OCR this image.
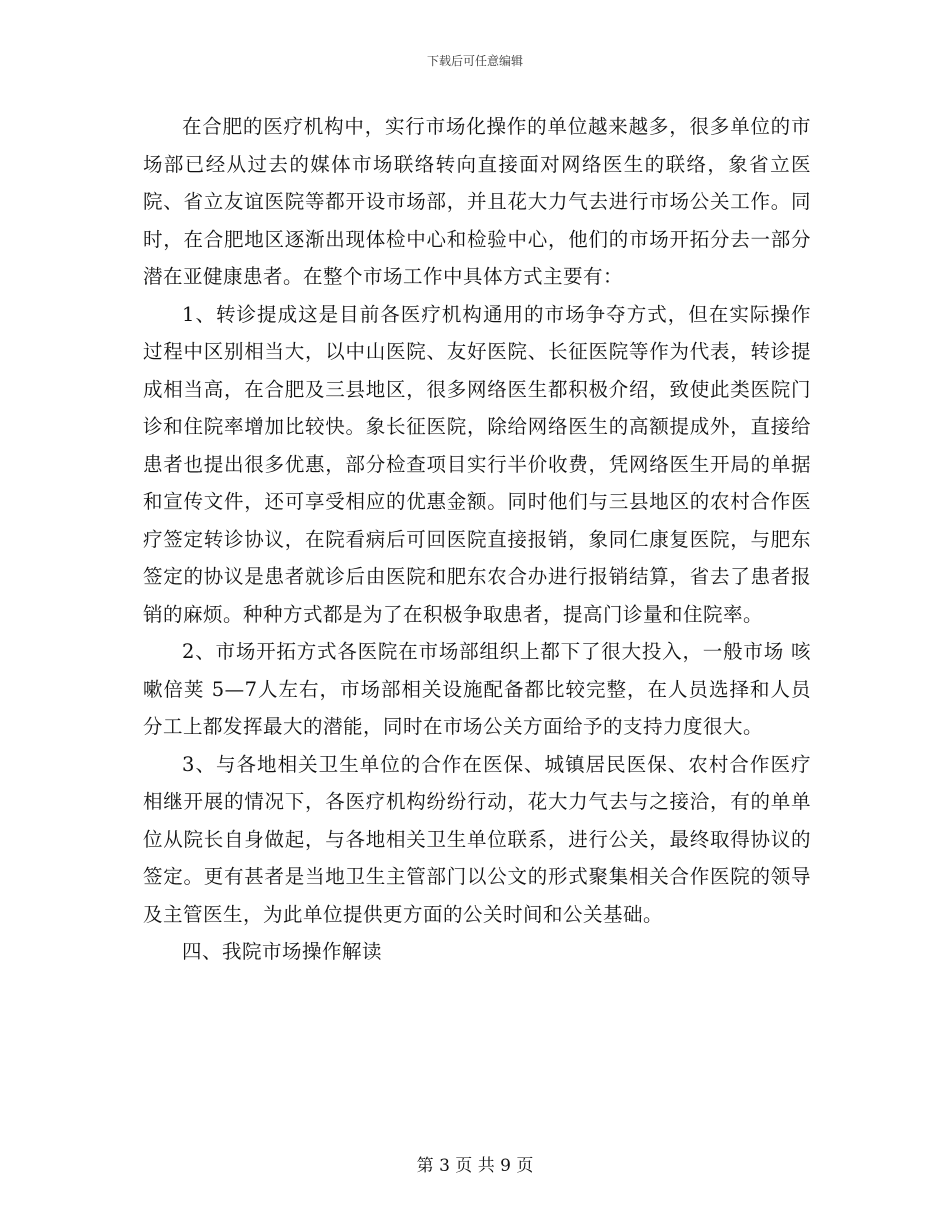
下载后可任意编辑

在合肥的医疗机构中，实行市场化操作的单位越来越多，很多单位的市场部已经从过去的媒体市场联络转向直接面对网络医生的联络，象省立医院、省立友谊医院等都开设市场部，并且花大力气去进行市场公关工作。同时，在合肥地区逐渐出现体检中心和检验中心，他们的市场开拓分去一部分潜在亚健康患者。在整个市场工作中具体方式主要有：

1、转诊提成这是目前各医疗机构通用的市场争夺方式，但在实际操作过程中区别相当大，以中山医院、友好医院、长征医院等作为代表，转诊提成相当高，在合肥及三县地区，很多网络医生都积极介绍，致使此类医院门诊和住院率增加比较快。象长征医院，除给网络医生的高额提成外，直接给患者也提出很多优惠，部分检查项目实行半价收费，凭网络医生开局的单据和宣传文件，还可享受相应的优惠金额。同时他们与三县地区的农村合作医疗签定转诊协议，在院看病后可回医院直接报销，象同仁康复医院，与肥东签定的协议是患者就诊后由医院和肥东农合办进行报销结算，省去了患者报销的麻烦。种种方式都是为了在积极争取患者，提高门诊量和住院率。

2、市场开拓方式各医院在市场部组织上都下了很大投入，一般市场 咳嗽倍荚 5—7人左右，市场部相关设施配备都比较完整，在人员选择和人员分工上都发挥最大的潜能，同时在市场公关方面给予的支持力度很大。

3、与各地相关卫生单位的合作在医保、城镇居民医保、农村合作医疗相继开展的情况下，各医疗机构纷纷行动，花大力气去与之接洽，有的单单位从院长自身做起，与各地相关卫生单位联系，进行公关，最终取得协议的签定。更有甚者是当地卫生主管部门以公文的形式聚集相关合作医院的领导及主管医生，为此单位提供更方面的公关时间和公关基础。

四、我院市场操作解读

第 3 页 共 9 页
